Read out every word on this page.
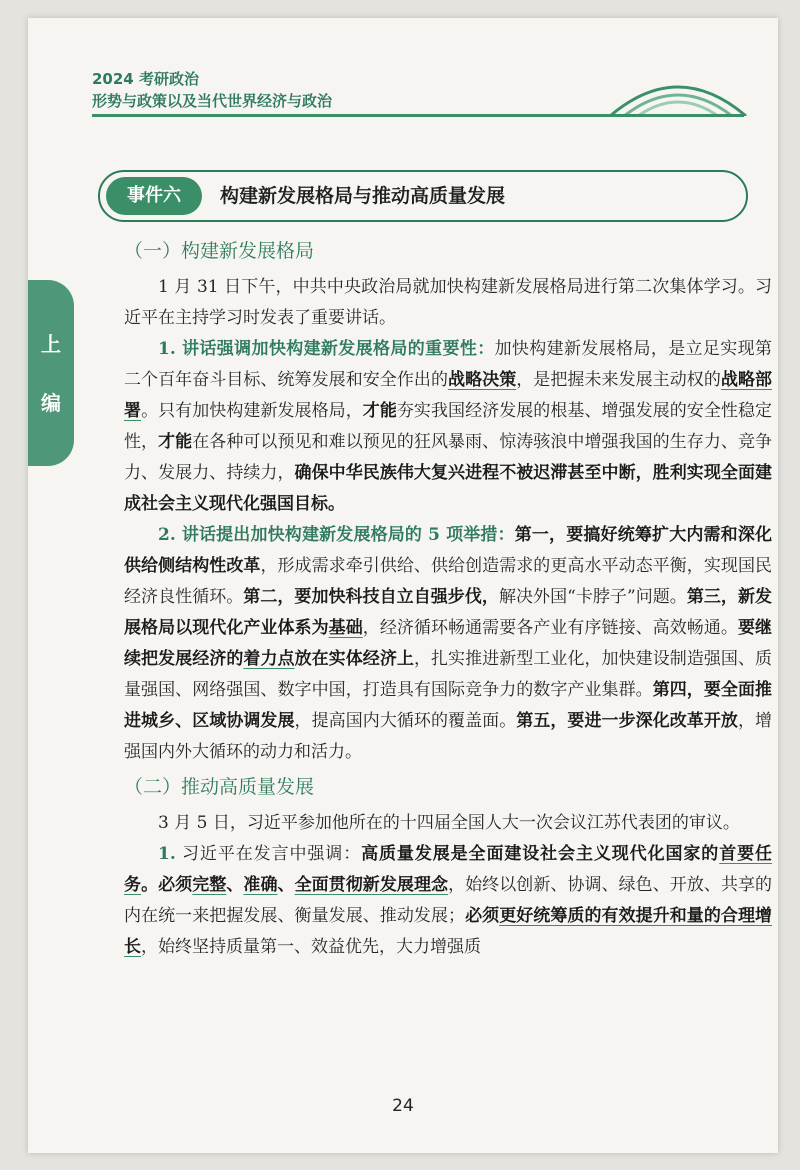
2024 考研政治
形势与政策以及当代世界经济与政治
上
编
事件六	构建新发展格局与推动高质量发展
（一）构建新发展格局

1 月 31 日下午，中共中央政治局就加快构建新发展格局进行第二次集体学习。习近平在主持学习时发表了重要讲话。

1. 讲话强调加快构建新发展格局的重要性：加快构建新发展格局，是立足实现第二个百年奋斗目标、统筹发展和安全作出的战略决策，是把握未来发展主动权的战略部署。只有加快构建新发展格局，才能夯实我国经济发展的根基、增强发展的安全性稳定性，才能在各种可以预见和难以预见的狂风暴雨、惊涛骇浪中增强我国的生存力、竞争力、发展力、持续力，确保中华民族伟大复兴进程不被迟滞甚至中断，胜利实现全面建成社会主义现代化强国目标。

2. 讲话提出加快构建新发展格局的 5 项举措：第一，要搞好统筹扩大内需和深化供给侧结构性改革，形成需求牵引供给、供给创造需求的更高水平动态平衡，实现国民经济良性循环。第二，要加快科技自立自强步伐，解决外国“卡脖子”问题。第三，新发展格局以现代化产业体系为基础，经济循环畅通需要各产业有序链接、高效畅通。要继续把发展经济的着力点放在实体经济上，扎实推进新型工业化，加快建设制造强国、质量强国、网络强国、数字中国，打造具有国际竞争力的数字产业集群。第四，要全面推进城乡、区域协调发展，提高国内大循环的覆盖面。第五，要进一步深化改革开放，增强国内外大循环的动力和活力。

（二）推动高质量发展

3 月 5 日，习近平参加他所在的十四届全国人大一次会议江苏代表团的审议。

1. 习近平在发言中强调：高质量发展是全面建设社会主义现代化国家的首要任务。必须完整、准确、全面贯彻新发展理念，始终以创新、协调、绿色、开放、共享的内在统一来把握发展、衡量发展、推动发展；必须更好统筹质的有效提升和量的合理增长，始终坚持质量第一、效益优先，大力增强质

24
